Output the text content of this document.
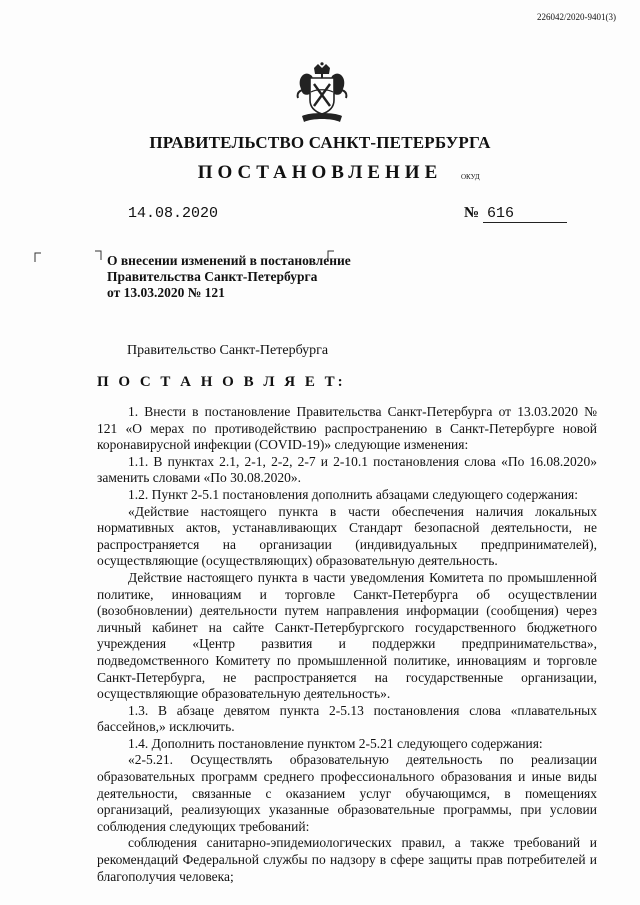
226042/2020-9401(3)
ПРАВИТЕЛЬСТВО САНКТ-ПЕТЕРБУРГА
ПОСТАНОВЛЕНИЕ	ОКУД
14.08.2020	№ 616
О внесении изменений в постановление
Правительства Санкт-Петербурга
от 13.03.2020 № 121
Правительство Санкт-Петербурга
П О С Т А Н О В Л Я Е Т:

1. Внести в постановление Правительства Санкт-Петербурга от 13.03.2020 № 121 «О мерах по противодействию распространению в Санкт-Петербурге новой коронавирусной инфекции (COVID-19)» следующие изменения:

1.1. В пунктах 2.1, 2-1, 2-2, 2-7 и 2-10.1 постановления слова «По 16.08.2020» заменить словами «По 30.08.2020».

1.2. Пункт 2-5.1 постановления дополнить абзацами следующего содержания:

«Действие настоящего пункта в части обеспечения наличия локальных нормативных актов, устанавливающих Стандарт безопасной деятельности, не распространяется на организации (индивидуальных предпринимателей), осуществляющие (осуществляющих) образовательную деятельность.

Действие настоящего пункта в части уведомления Комитета по промышленной политике, инновациям и торговле Санкт-Петербурга об осуществлении (возобновлении) деятельности путем направления информации (сообщения) через личный кабинет на сайте Санкт-Петербургского государственного бюджетного учреждения «Центр развития и поддержки предпринимательства», подведомственного Комитету по промышленной политике, инновациям и торговле Санкт-Петербурга, не распространяется на государственные организации, осуществляющие образовательную деятельность».

1.3. В абзаце девятом пункта 2-5.13 постановления слова «плавательных бассейнов,» исключить.

1.4. Дополнить постановление пунктом 2-5.21 следующего содержания:

«2-5.21. Осуществлять образовательную деятельность по реализации образовательных программ среднего профессионального образования и иные виды деятельности, связанные с оказанием услуг обучающимся, в помещениях организаций, реализующих указанные образовательные программы, при условии соблюдения следующих требований:

соблюдения санитарно-эпидемиологических правил, а также требований и рекомендаций Федеральной службы по надзору в сфере защиты прав потребителей и благополучия человека;
